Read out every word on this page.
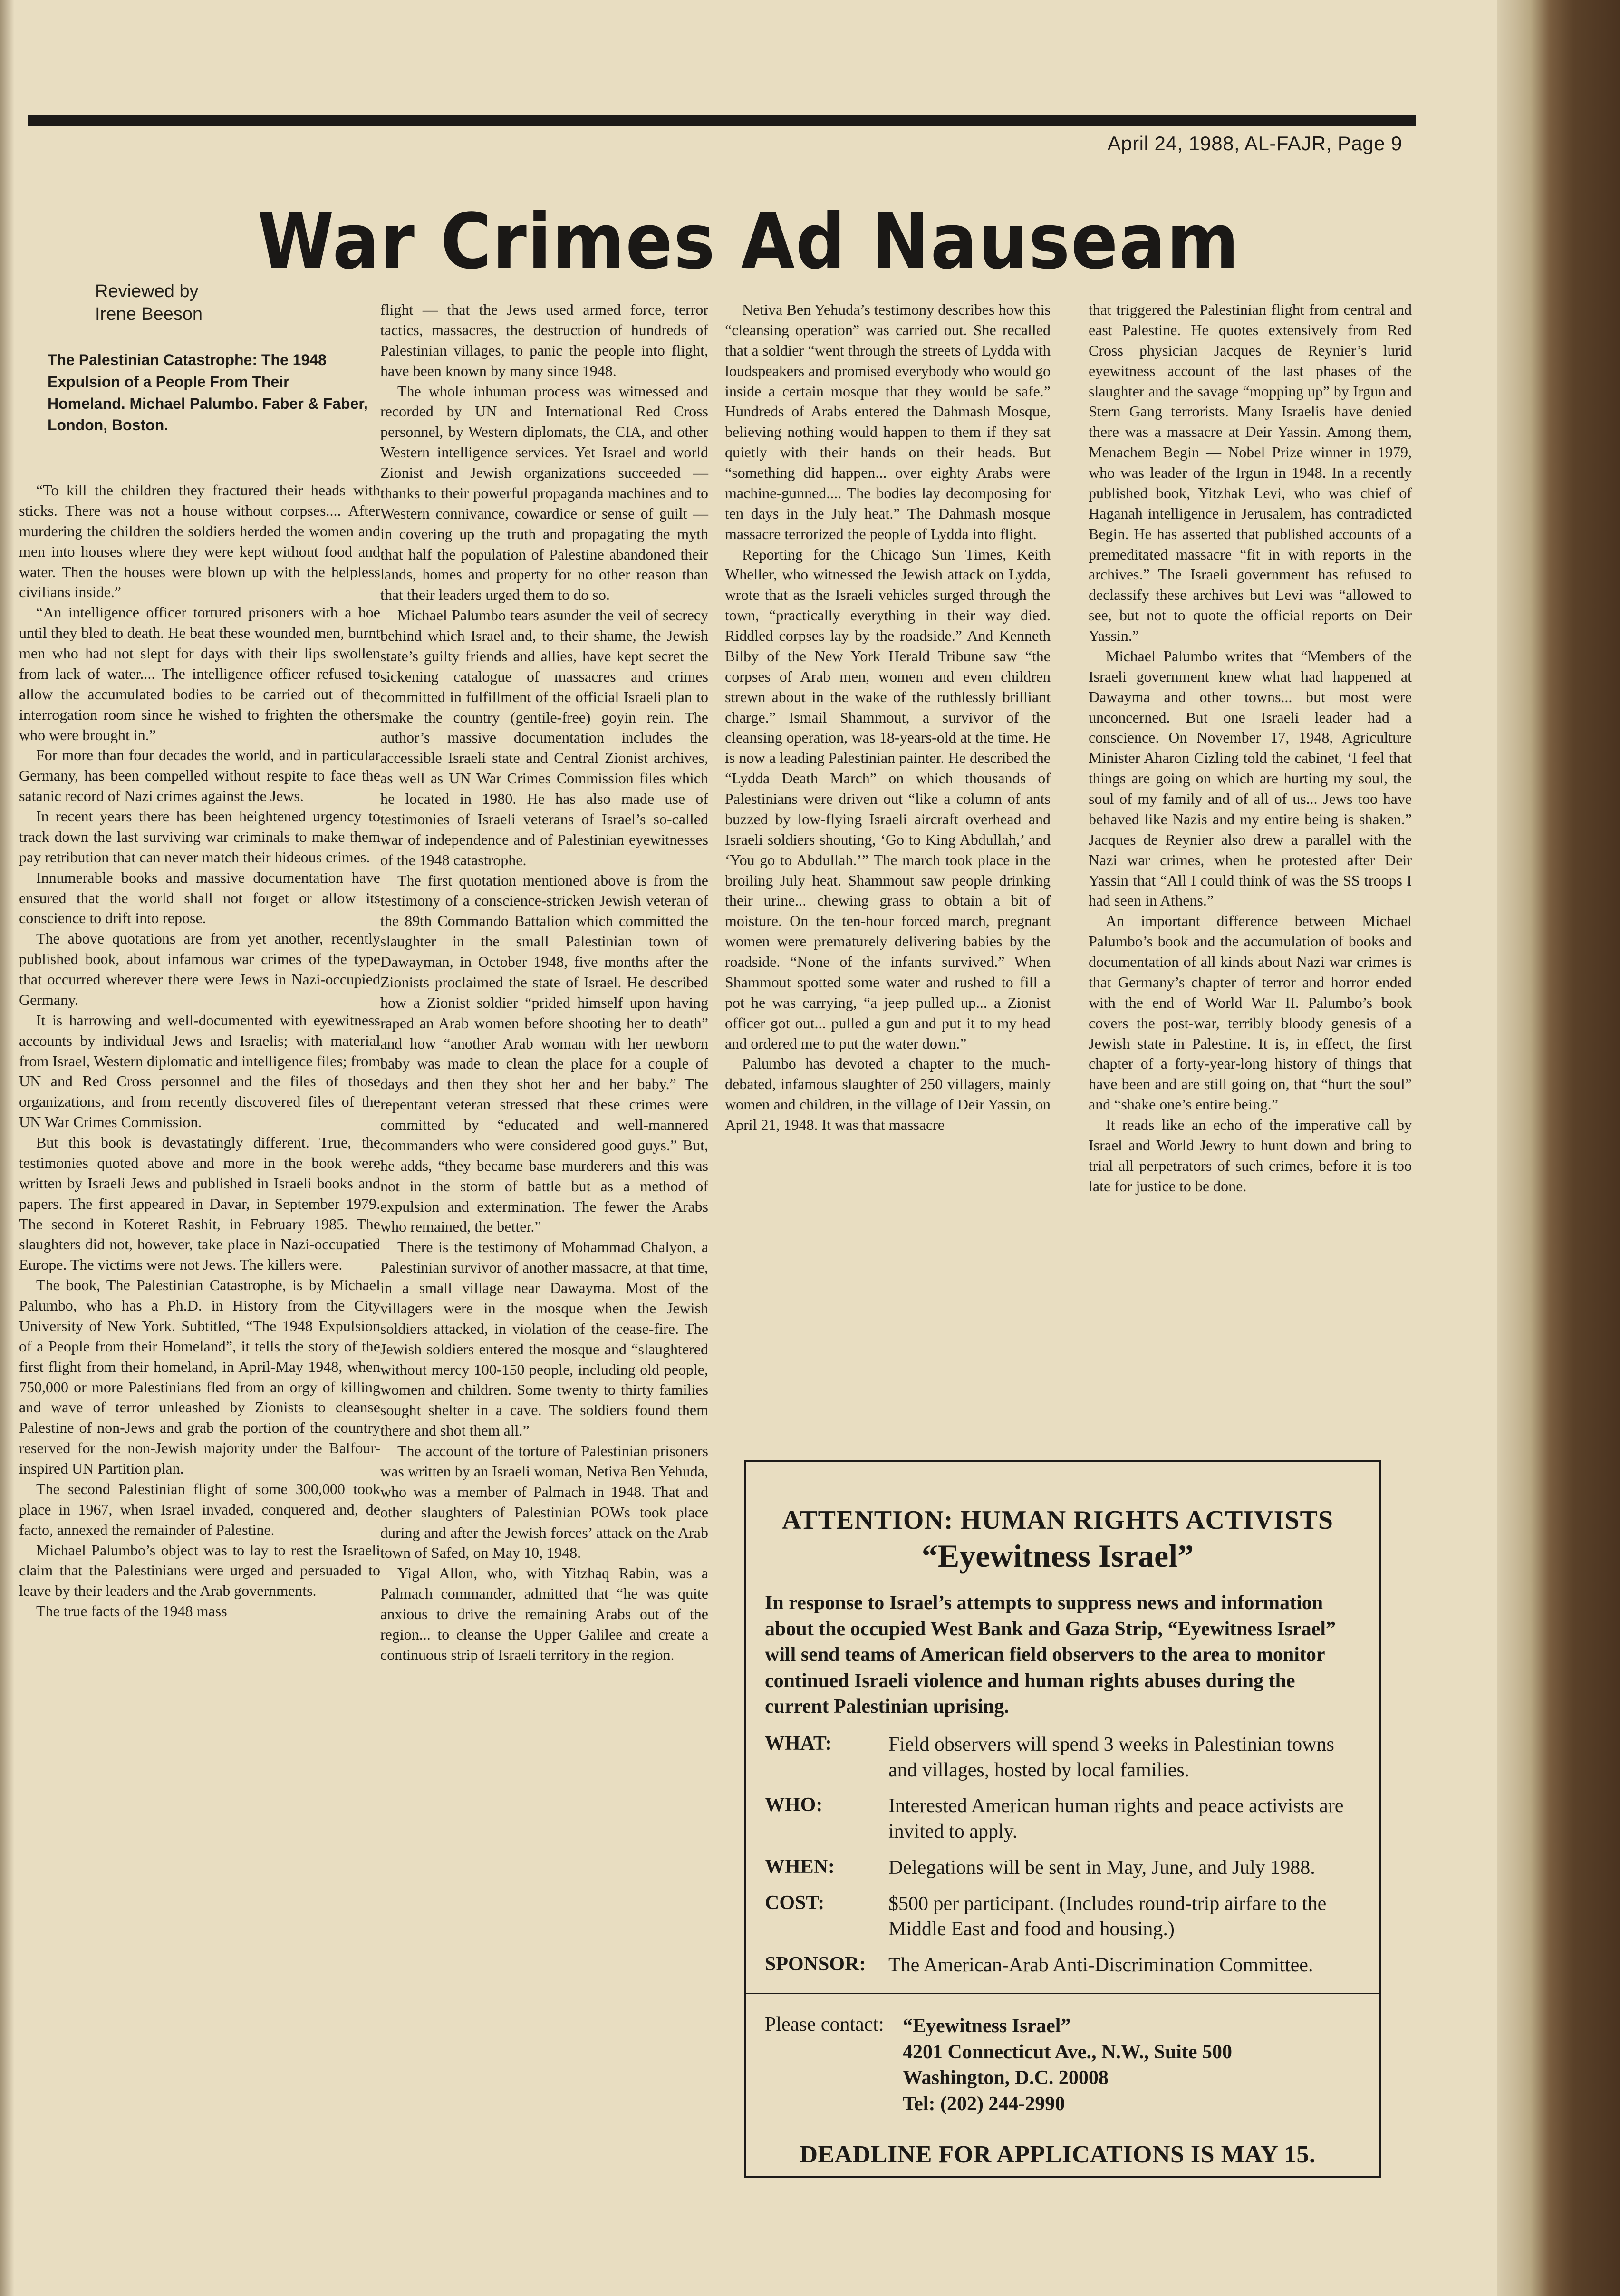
April 24, 1988, AL-FAJR, Page 9
War Crimes Ad Nauseam
Reviewed by
Irene Beeson
The Palestinian Catastrophe: The 1948 Expulsion of a People From Their Homeland. Michael Palumbo. Faber & Faber, London, Boston.

“To kill the children they fractured their heads with sticks. There was not a house without corpses.... After murdering the children the soldiers herded the women and men into houses where they were kept without food and water. Then the houses were blown up with the helpless civilians inside.”

“An intelligence officer tortured prisoners with a hoe until they bled to death. He beat these wounded men, burnt men who had not slept for days with their lips swollen from lack of water.... The intelligence officer refused to allow the accumulated bodies to be carried out of the interrogation room since he wished to frighten the others who were brought in.”

For more than four decades the world, and in particular Germany, has been compelled without respite to face the satanic record of Nazi crimes against the Jews.

In recent years there has been heightened urgency to track down the last surviving war criminals to make them pay retribution that can never match their hideous crimes.

Innumerable books and massive documentation have ensured that the world shall not forget or allow its conscience to drift into repose.

The above quotations are from yet another, recently published book, about infamous war crimes of the type that occurred wherever there were Jews in Nazi-occupied Germany.

It is harrowing and well-documented with eyewitness accounts by individual Jews and Israelis; with material from Israel, Western diplomatic and intelligence files; from UN and Red Cross personnel and the files of those organizations, and from recently discovered files of the UN War Crimes Commission.

But this book is devastatingly different. True, the testimonies quoted above and more in the book were written by Israeli Jews and published in Israeli books and papers. The first appeared in Davar, in September 1979. The second in Koteret Rashit, in February 1985. The slaughters did not, however, take place in Nazi-occupatied Europe. The victims were not Jews. The killers were.

The book, The Palestinian Catastrophe, is by Michael Palumbo, who has a Ph.D. in History from the City University of New York. Subtitled, “The 1948 Expulsion of a People from their Homeland”, it tells the story of the first flight from their homeland, in April-May 1948, when 750,000 or more Palestinians fled from an orgy of killing and wave of terror unleashed by Zionists to cleanse Palestine of non-Jews and grab the portion of the country reserved for the non-Jewish majority under the Balfour-inspired UN Partition plan.

The second Palestinian flight of some 300,000 took place in 1967, when Israel invaded, conquered and, de facto, annexed the remainder of Palestine.

Michael Palumbo’s object was to lay to rest the Israeli claim that the Palestinians were urged and persuaded to leave by their leaders and the Arab governments.

The true facts of the 1948 mass

flight — that the Jews used armed force, terror tactics, massacres, the destruction of hundreds of Palestinian villages, to panic the people into flight, have been known by many since 1948.

The whole inhuman process was witnessed and recorded by UN and International Red Cross personnel, by Western diplomats, the CIA, and other Western intelligence services. Yet Israel and world Zionist and Jewish organizations succeeded — thanks to their powerful propaganda machines and to Western connivance, cowardice or sense of guilt — in covering up the truth and propagating the myth that half the population of Palestine abandoned their lands, homes and property for no other reason than that their leaders urged them to do so.

Michael Palumbo tears asunder the veil of secrecy behind which Israel and, to their shame, the Jewish state’s guilty friends and allies, have kept secret the sickening catalogue of massacres and crimes committed in fulfillment of the official Israeli plan to make the country (gentile-free) goyin rein. The author’s massive documentation includes the accessible Israeli state and Central Zionist archives, as well as UN War Crimes Commission files which he located in 1980. He has also made use of testimonies of Israeli veterans of Israel’s so-called war of independence and of Palestinian eyewitnesses of the 1948 catastrophe.

The first quotation mentioned above is from the testimony of a conscience-stricken Jewish veteran of the 89th Commando Battalion which committed the slaughter in the small Palestinian town of Dawayman, in October 1948, five months after the Zionists proclaimed the state of Israel. He described how a Zionist soldier “prided himself upon having raped an Arab women before shooting her to death” and how “another Arab woman with her newborn baby was made to clean the place for a couple of days and then they shot her and her baby.” The repentant veteran stressed that these crimes were committed by “educated and well-mannered commanders who were considered good guys.” But, he adds, “they became base murderers and this was not in the storm of battle but as a method of expulsion and extermination. The fewer the Arabs who remained, the better.”

There is the testimony of Mohammad Chalyon, a Palestinian survivor of another massacre, at that time, in a small village near Dawayma. Most of the villagers were in the mosque when the Jewish soldiers attacked, in violation of the cease-fire. The Jewish soldiers entered the mosque and “slaughtered without mercy 100-150 people, including old people, women and children. Some twenty to thirty families sought shelter in a cave. The soldiers found them there and shot them all.”

The account of the torture of Palestinian prisoners was written by an Israeli woman, Netiva Ben Yehuda, who was a member of Palmach in 1948. That and other slaughters of Palestinian POWs took place during and after the Jewish forces’ attack on the Arab town of Safed, on May 10, 1948.

Yigal Allon, who, with Yitzhaq Rabin, was a Palmach commander, admitted that “he was quite anxious to drive the remaining Arabs out of the region... to cleanse the Upper Galilee and create a continuous strip of Israeli territory in the region.

Netiva Ben Yehuda’s testimony describes how this “cleansing operation” was carried out. She recalled that a soldier “went through the streets of Lydda with loudspeakers and promised everybody who would go inside a certain mosque that they would be safe.” Hundreds of Arabs entered the Dahmash Mosque, believing nothing would happen to them if they sat quietly with their hands on their heads. But “something did happen... over eighty Arabs were machine-gunned.... The bodies lay decomposing for ten days in the July heat.” The Dahmash mosque massacre terrorized the people of Lydda into flight.

Reporting for the Chicago Sun Times, Keith Wheller, who witnessed the Jewish attack on Lydda, wrote that as the Israeli vehicles surged through the town, “practically everything in their way died. Riddled corpses lay by the roadside.” And Kenneth Bilby of the New York Herald Tribune saw “the corpses of Arab men, women and even children strewn about in the wake of the ruthlessly brilliant charge.” Ismail Shammout, a survivor of the cleansing operation, was 18-years-old at the time. He is now a leading Palestinian painter. He described the “Lydda Death March” on which thousands of Palestinians were driven out “like a column of ants buzzed by low-flying Israeli aircraft overhead and Israeli soldiers shouting, ‘Go to King Abdullah,’ and ‘You go to Abdullah.’” The march took place in the broiling July heat. Shammout saw people drinking their urine... chewing grass to obtain a bit of moisture. On the ten-hour forced march, pregnant women were prematurely delivering babies by the roadside. “None of the infants survived.” When Shammout spotted some water and rushed to fill a pot he was carrying, “a jeep pulled up... a Zionist officer got out... pulled a gun and put it to my head and ordered me to put the water down.”

Palumbo has devoted a chapter to the much-debated, infamous slaughter of 250 villagers, mainly women and children, in the village of Deir Yassin, on April 21, 1948. It was that massacre

that triggered the Palestinian flight from central and east Palestine. He quotes extensively from Red Cross physician Jacques de Reynier’s lurid eyewitness account of the last phases of the slaughter and the savage “mopping up” by Irgun and Stern Gang terrorists. Many Israelis have denied there was a massacre at Deir Yassin. Among them, Menachem Begin — Nobel Prize winner in 1979, who was leader of the Irgun in 1948. In a recently published book, Yitzhak Levi, who was chief of Haganah intelligence in Jerusalem, has contradicted Begin. He has asserted that published accounts of a premeditated massacre “fit in with reports in the archives.” The Israeli government has refused to declassify these archives but Levi was “allowed to see, but not to quote the official reports on Deir Yassin.”

Michael Palumbo writes that “Members of the Israeli government knew what had happened at Dawayma and other towns... but most were unconcerned. But one Israeli leader had a conscience. On November 17, 1948, Agriculture Minister Aharon Cizling told the cabinet, ‘I feel that things are going on which are hurting my soul, the soul of my family and of all of us... Jews too have behaved like Nazis and my entire being is shaken.” Jacques de Reynier also drew a parallel with the Nazi war crimes, when he protested after Deir Yassin that “All I could think of was the SS troops I had seen in Athens.”

An important difference between Michael Palumbo’s book and the accumulation of books and documentation of all kinds about Nazi war crimes is that Germany’s chapter of terror and horror ended with the end of World War II. Palumbo’s book covers the post-war, terribly bloody genesis of a Jewish state in Palestine. It is, in effect, the first chapter of a forty-year-long history of things that have been and are still going on, that “hurt the soul” and “shake one’s entire being.”

It reads like an echo of the imperative call by Israel and World Jewry to hunt down and bring to trial all perpetrators of such crimes, before it is too late for justice to be done.

ATTENTION: HUMAN RIGHTS ACTIVISTS
“Eyewitness Israel”

In response to Israel’s attempts to suppress news and information about the occupied West Bank and Gaza Strip, “Eyewitness Israel” will send teams of American field observers to the area to monitor continued Israeli violence and human rights abuses during the current Palestinian uprising.

WHAT:	Field observers will spend 3 weeks in Palestinian towns and villages, hosted by local families.
WHO:	Interested American human rights and peace activists are invited to apply.
WHEN:	Delegations will be sent in May, June, and July 1988.
COST:	$500 per participant. (Includes round-trip airfare to the Middle East and food and housing.)
SPONSOR:	The American-Arab Anti-Discrimination Committee.
Please contact: “Eyewitness Israel”
4201 Connecticut Ave., N.W., Suite 500
Washington, D.C. 20008
Tel: (202) 244-2990
DEADLINE FOR APPLICATIONS IS MAY 15.
